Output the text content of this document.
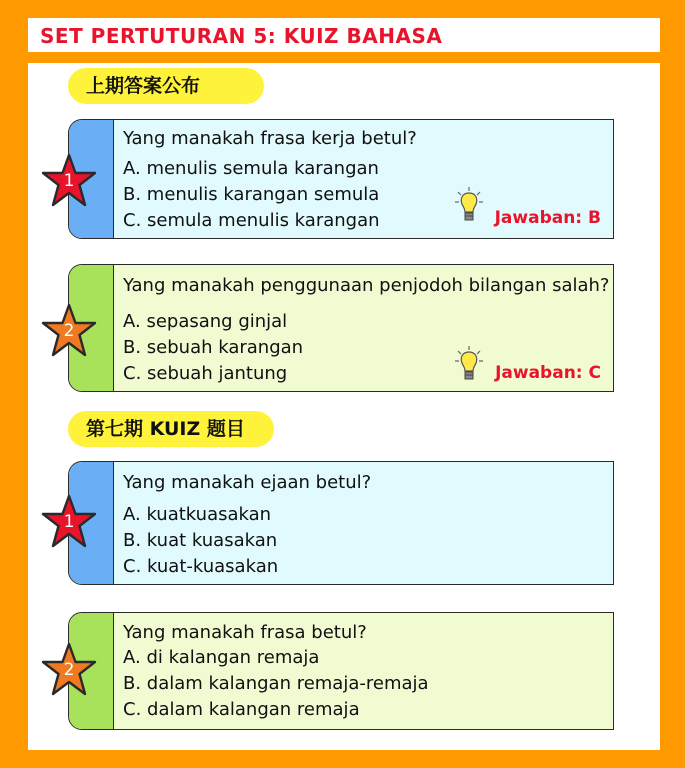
SET PERTUTURAN 5: KUIZ BAHASA
上期答案公布
Yang manakah frasa kerja betul?
A. menulis semula karangan
B. menulis karangan semula
C. semula menulis karangan	Jawaban: B
Yang manakah penggunaan penjodoh bilangan salah?
A. sepasang ginjal
B. sebuah karangan
C. sebuah jantung	Jawaban: C
第七期 KUIZ 题目
Yang manakah ejaan betul?
A. kuatkuasakan
B. kuat kuasakan
C. kuat-kuasakan
Yang manakah frasa betul?
A. di kalangan remaja
B. dalam kalangan remaja-remaja
C. dalam kalangan remaja
1
2
1
2
